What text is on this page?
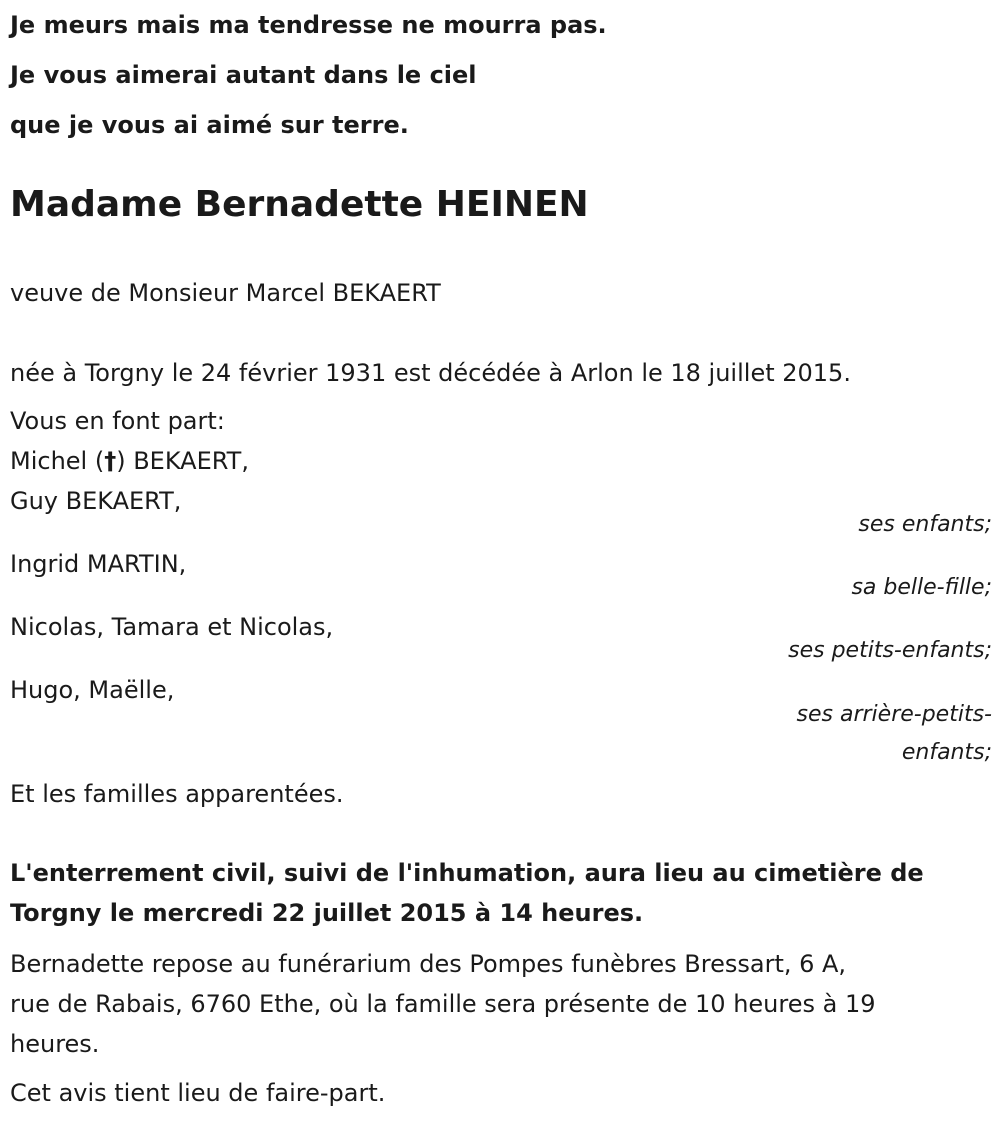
Je meurs mais ma tendresse ne mourra pas.

Je vous aimerai autant dans le ciel

que je vous ai aimé sur terre.

Madame Bernadette HEINEN

veuve de Monsieur Marcel BEKAERT

née à Torgny le 24 février 1931 est décédée à Arlon le 18 juillet 2015.

Vous en font part:

Michel (†) BEKAERT,

Guy BEKAERT,

ses enfants;

Ingrid MARTIN,

sa belle-fille;

Nicolas, Tamara et Nicolas,

ses petits-enfants;

Hugo, Maëlle,

ses arrière-petits-

enfants;

Et les familles apparentées.

L'enterrement civil, suivi de l'inhumation, aura lieu au cimetière de

Torgny le mercredi 22 juillet 2015 à 14 heures.

Bernadette repose au funérarium des Pompes funèbres Bressart, 6 A,

rue de Rabais, 6760 Ethe, où la famille sera présente de 10 heures à 19

heures.

Cet avis tient lieu de faire-part.
